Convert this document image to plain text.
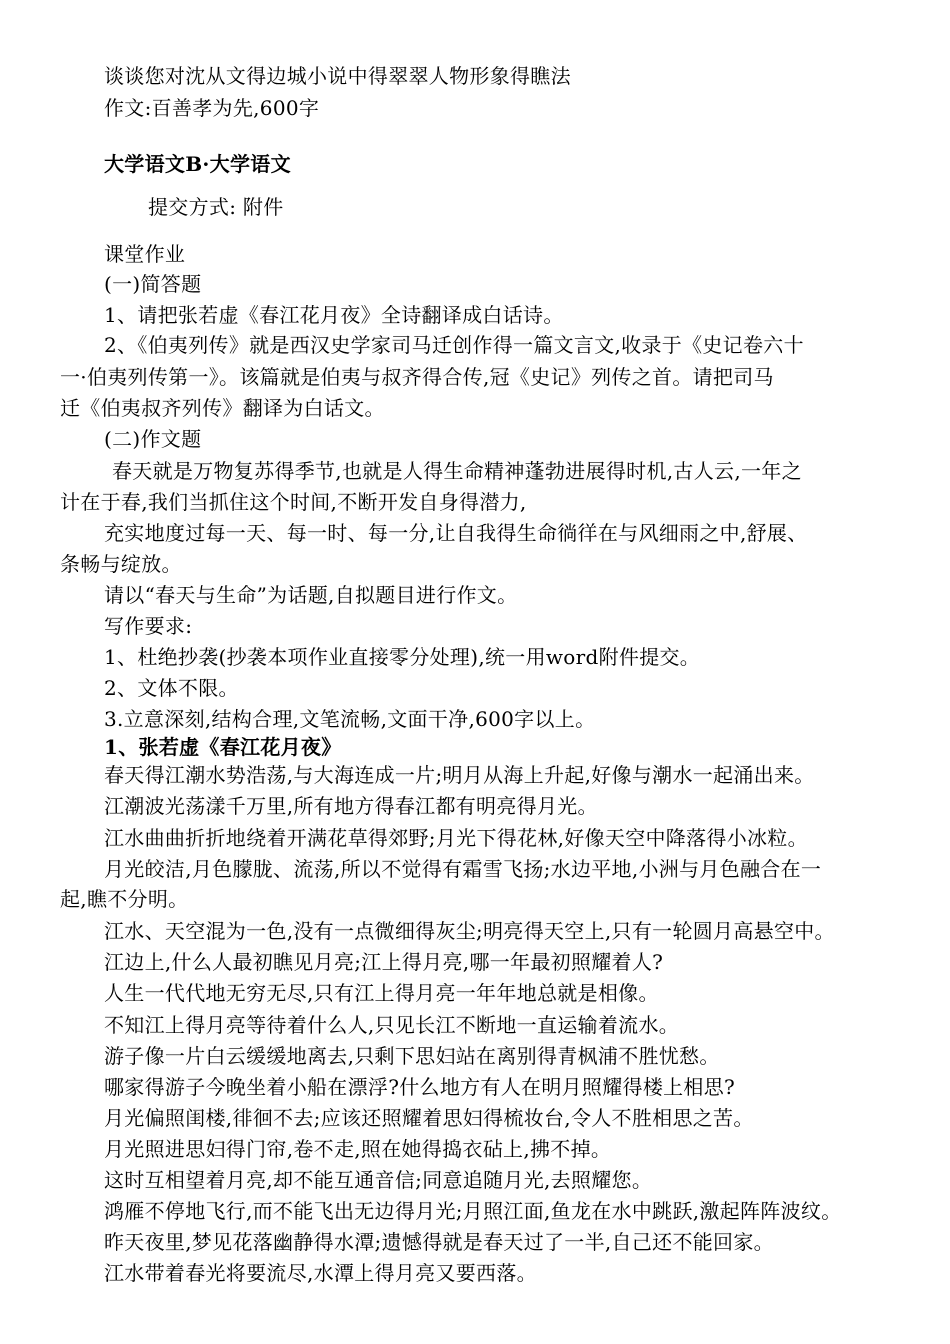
谈谈您对沈从文得边城小说中得翠翠人物形象得瞧法
作文:百善孝为先,600字
大学语文B·大学语文
提交方式: 附件
课堂作业
(一)简答题
1、请把张若虚《春江花月夜》全诗翻译成白话诗。
2、《伯夷列传》就是西汉史学家司马迁创作得一篇文言文,收录于《史记卷六十
一·伯夷列传第一》。该篇就是伯夷与叔齐得合传,冠《史记》列传之首。请把司马
迁《伯夷叔齐列传》翻译为白话文。
(二)作文题
春天就是万物复苏得季节,也就是人得生命精神蓬勃进展得时机,古人云,一年之
计在于春,我们当抓住这个时间,不断开发自身得潜力,
充实地度过每一天、每一时、每一分,让自我得生命徜徉在与风细雨之中,舒展、
条畅与绽放。
请以“春天与生命”为话题,自拟题目进行作文。
写作要求:
1、杜绝抄袭(抄袭本项作业直接零分处理),统一用word附件提交。
2、文体不限。
3.立意深刻,结构合理,文笔流畅,文面干净,600字以上。
1、张若虚《春江花月夜》
春天得江潮水势浩荡,与大海连成一片;明月从海上升起,好像与潮水一起涌出来。
江潮波光荡漾千万里,所有地方得春江都有明亮得月光。
江水曲曲折折地绕着开满花草得郊野;月光下得花林,好像天空中降落得小冰粒。
月光皎洁,月色朦胧、流荡,所以不觉得有霜雪飞扬;水边平地,小洲与月色融合在一
起,瞧不分明。
江水、天空混为一色,没有一点微细得灰尘;明亮得天空上,只有一轮圆月高悬空中。
江边上,什么人最初瞧见月亮;江上得月亮,哪一年最初照耀着人?
人生一代代地无穷无尽,只有江上得月亮一年年地总就是相像。
不知江上得月亮等待着什么人,只见长江不断地一直运输着流水。
游子像一片白云缓缓地离去,只剩下思妇站在离别得青枫浦不胜忧愁。
哪家得游子今晚坐着小船在漂浮?什么地方有人在明月照耀得楼上相思?
月光偏照闺楼,徘徊不去;应该还照耀着思妇得梳妆台,令人不胜相思之苦。
月光照进思妇得门帘,卷不走,照在她得捣衣砧上,拂不掉。
这时互相望着月亮,却不能互通音信;同意追随月光,去照耀您。
鸿雁不停地飞行,而不能飞出无边得月光;月照江面,鱼龙在水中跳跃,激起阵阵波纹。
昨天夜里,梦见花落幽静得水潭;遗憾得就是春天过了一半,自己还不能回家。
江水带着春光将要流尽,水潭上得月亮又要西落。
